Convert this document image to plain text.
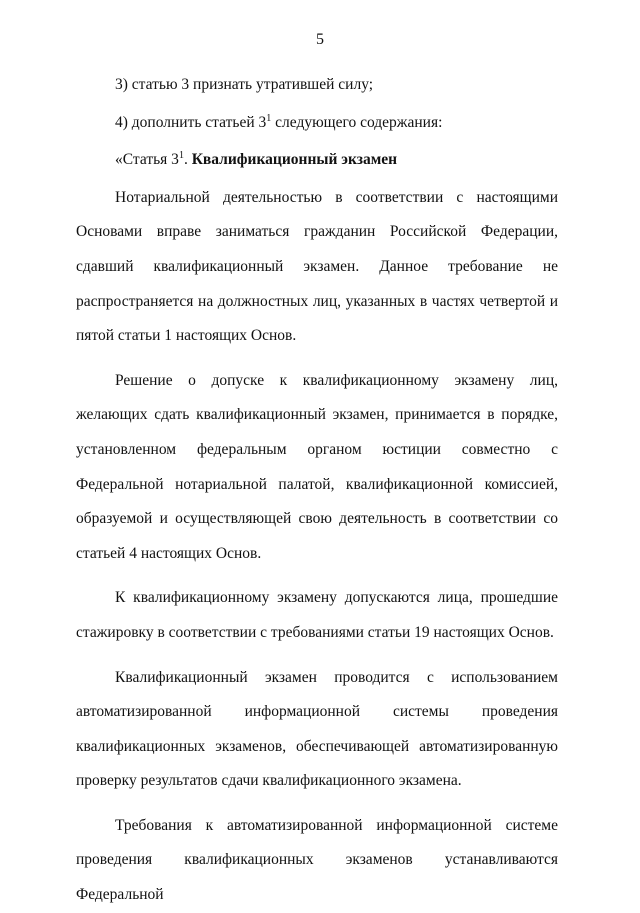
5

3) статью 3 признать утратившей силу;

4) дополнить статьей $3^1$ следующего содержания:

«Статья $3^1$. Квалификационный экзамен

Нотариальной деятельностью в соответствии с настоящими Основами вправе заниматься гражданин Российской Федерации, сдавший квалификационный экзамен. Данное требование не распространяется на должностных лиц, указанных в частях четвертой и пятой статьи 1 настоящих Основ.

Решение о допуске к квалификационному экзамену лиц, желающих сдать квалификационный экзамен, принимается в порядке, установленном федеральным органом юстиции совместно с Федеральной нотариальной палатой, квалификационной комиссией, образуемой и осуществляющей свою деятельность в соответствии со статьей 4 настоящих Основ.

К квалификационному экзамену допускаются лица, прошедшие стажировку в соответствии с требованиями статьи 19 настоящих Основ.

Квалификационный экзамен проводится с использованием автоматизированной информационной системы проведения квалификационных экзаменов, обеспечивающей автоматизированную проверку результатов сдачи квалификационного экзамена.

Требования к автоматизированной информационной системе проведения квалификационных экзаменов устанавливаются Федеральной
